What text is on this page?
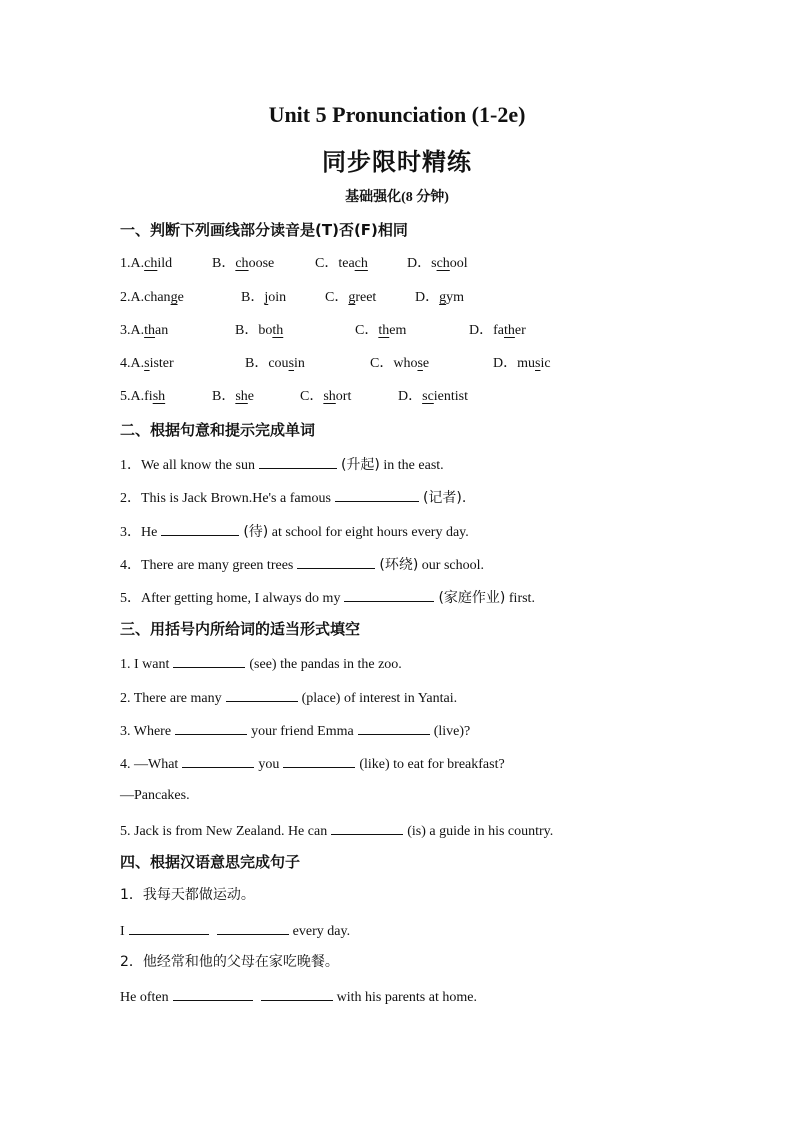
Unit 5 Pronunciation (1-2e)
同步限时精练
基础强化(8 分钟)
一、判断下列画线部分读音是(T)否(F)相同
1.A.child	B．choose	C．teach	D．school
2.A.change	B．join	C．greet	D．gym
3.A.than	B．both	C．them	D．father
4.A.sister	B．cousin	C．whose	D．music
5.A.fish	B．she	C．short	D．scientist
二、根据句意和提示完成单词
1．We all know the sun	(升起) in the east.
2．This is Jack Brown.He's a famous	(记者).
3．He	(待) at school for eight hours every day.
4．There are many green trees	(环绕) our school.
5．After getting home, I always do my	(家庭作业) first.
三、用括号内所给词的适当形式填空
1. I want	(see) the pandas in the zoo.
2. There are many	(place) of interest in Yantai.
3. Where	your friend Emma	(live)?
4. —What	you	(like) to eat for breakfast?
—Pancakes.
5. Jack is from New Zealand. He can	(is) a guide in his country.
四、根据汉语意思完成句子
1．我每天都做运动。
I	every day.
2．他经常和他的父母在家吃晚餐。
He often	with his parents at home.
